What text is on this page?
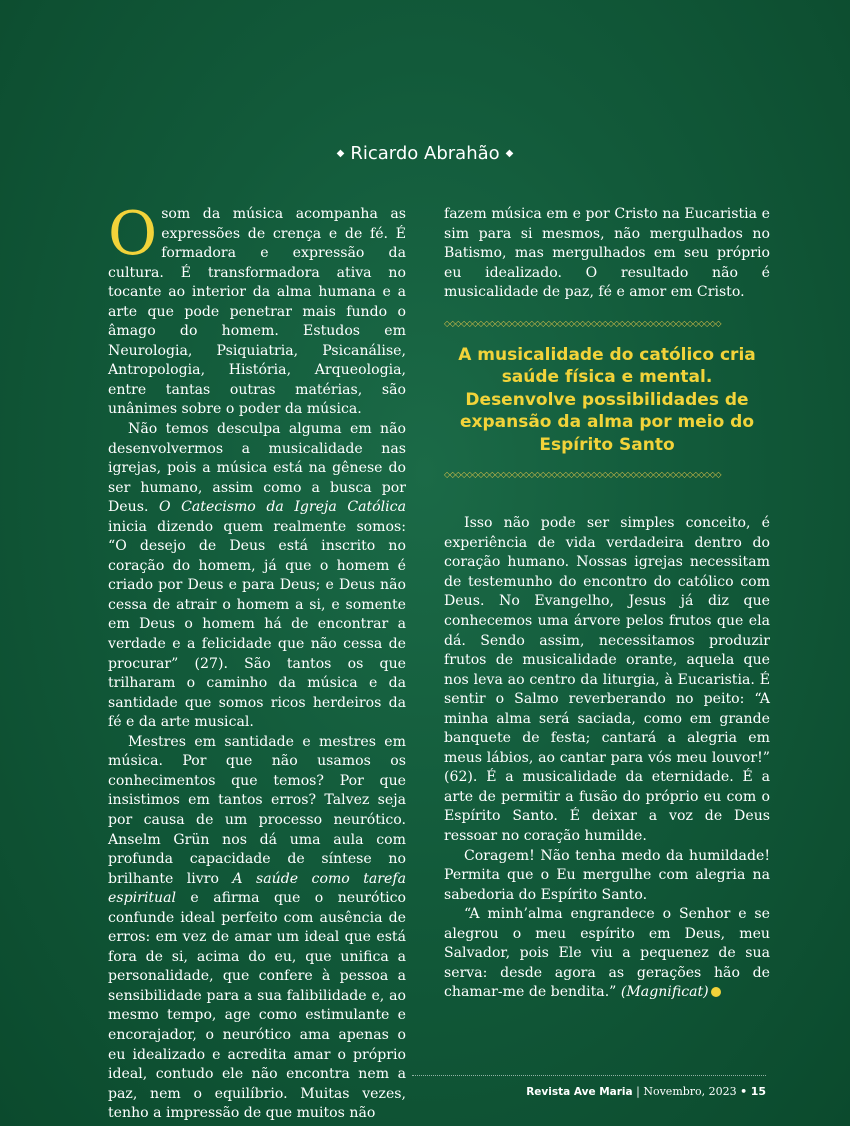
◆ Ricardo Abrahão ◆

Osom da música acompanha as expressões de crença e de fé. É formadora e expressão da cultura. É transformadora ativa no tocante ao interior da alma humana e a arte que pode penetrar mais fundo o âmago do homem. Estudos em Neurologia, Psiquiatria, Psicanálise, Antropologia, História, Arqueologia, entre tantas outras matérias, são unânimes sobre o poder da música.

Não temos desculpa alguma em não desenvolvermos a musicalidade nas igrejas, pois a música está na gênese do ser humano, assim como a busca por Deus. O Catecismo da Igreja Católica inicia dizendo quem realmente somos: “O desejo de Deus está inscrito no coração do homem, já que o homem é criado por Deus e para Deus; e Deus não cessa de atrair o homem a si, e somente em Deus o homem há de encontrar a verdade e a felicidade que não cessa de procurar” (27). São tantos os que trilharam o caminho da música e da santidade que somos ricos herdeiros da fé e da arte musical.

Mestres em santidade e mestres em música. Por que não usamos os conhecimentos que temos? Por que insistimos em tantos erros? Talvez seja por causa de um processo neurótico. Anselm Grün nos dá uma aula com profunda capacidade de síntese no brilhante livro A saúde como tarefa espiritual e afirma que o neurótico confunde ideal perfeito com ausência de erros: em vez de amar um ideal que está fora de si, acima do eu, que unifica a personalidade, que confere à pessoa a sensibilidade para a sua falibilidade e, ao mesmo tempo, age como estimulante e encorajador, o neurótico ama apenas o eu idealizado e acredita amar o próprio ideal, contudo ele não encontra nem a paz, nem o equilíbrio. Muitas vezes, tenho a impressão de que muitos não

fazem música em e por Cristo na Eucaristia e sim para si mesmos, não mergulhados no Batismo, mas mergulhados em seu próprio eu idealizado. O resultado não é musicalidade de paz, fé e amor em Cristo.

◇◇◇◇◇◇◇◇◇◇◇◇◇◇◇◇◇◇◇◇◇◇◇◇◇◇◇◇◇◇◇◇◇◇◇◇◇◇◇◇◇◇◇◇◇◇◇◇◇
A musicalidade do católico cria saúde física e mental. Desenvolve possibilidades de expansão da alma por meio do Espírito Santo
◇◇◇◇◇◇◇◇◇◇◇◇◇◇◇◇◇◇◇◇◇◇◇◇◇◇◇◇◇◇◇◇◇◇◇◇◇◇◇◇◇◇◇◇◇◇◇◇◇

Isso não pode ser simples conceito, é experiência de vida verdadeira dentro do coração humano. Nossas igrejas necessitam de testemunho do encontro do católico com Deus. No Evangelho, Jesus já diz que conhecemos uma árvore pelos frutos que ela dá. Sendo assim, necessitamos produzir frutos de musicalidade orante, aquela que nos leva ao centro da liturgia, à Eucaristia. É sentir o Salmo reverberando no peito: “A minha alma será saciada, como em grande banquete de festa; cantará a alegria em meus lábios, ao cantar para vós meu louvor!” (62). É a musicalidade da eternidade. É a arte de permitir a fusão do próprio eu com o Espírito Santo. É deixar a voz de Deus ressoar no coração humilde.

Coragem! Não tenha medo da humildade! Permita que o Eu mergulhe com alegria na sabedoria do Espírito Santo.

“A minh’alma engrandece o Senhor e se alegrou o meu espírito em Deus, meu Salvador, pois Ele viu a pequenez de sua serva: desde agora as gerações hão de chamar-me de bendita.” (Magnificat)

Revista Ave Maria | Novembro, 2023 • 15
